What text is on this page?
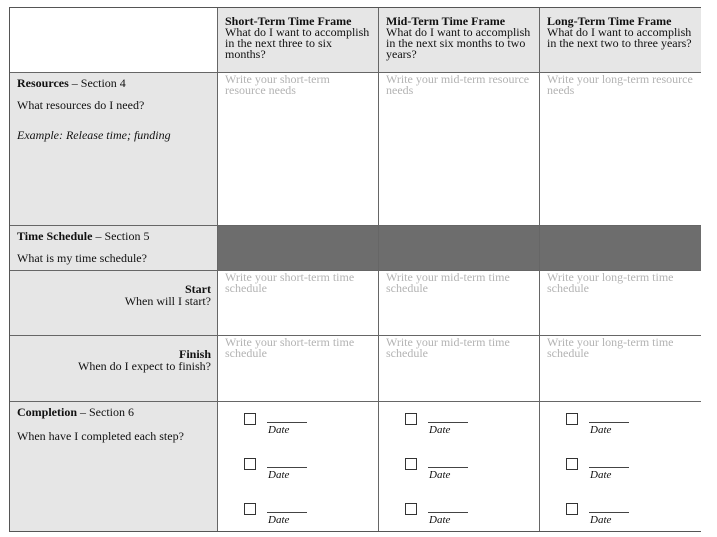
Short-Term Time Frame
What do I want to accomplish in the next three to six months?
Mid-Term Time Frame
What do I want to accomplish in the next six months to two years?
Long-Term Time Frame
What do I want to accomplish in the next two to three years?
Resources – Section 4
What resources do I need?
Example: Release time; funding
Write your short-term resource needs
Write your mid-term resource needs
Write your long-term resource needs
Time Schedule – Section 5
What is my time schedule?
Start
When will I start?
Write your short-term time schedule
Write your mid-term time schedule
Write your long-term time schedule
Finish
When do I expect to finish?
Write your short-term time schedule
Write your mid-term time schedule
Write your long-term time schedule
Completion – Section 6
When have I completed each step?	Date
Date
Date
Date
Date
Date
Date
Date
Date
